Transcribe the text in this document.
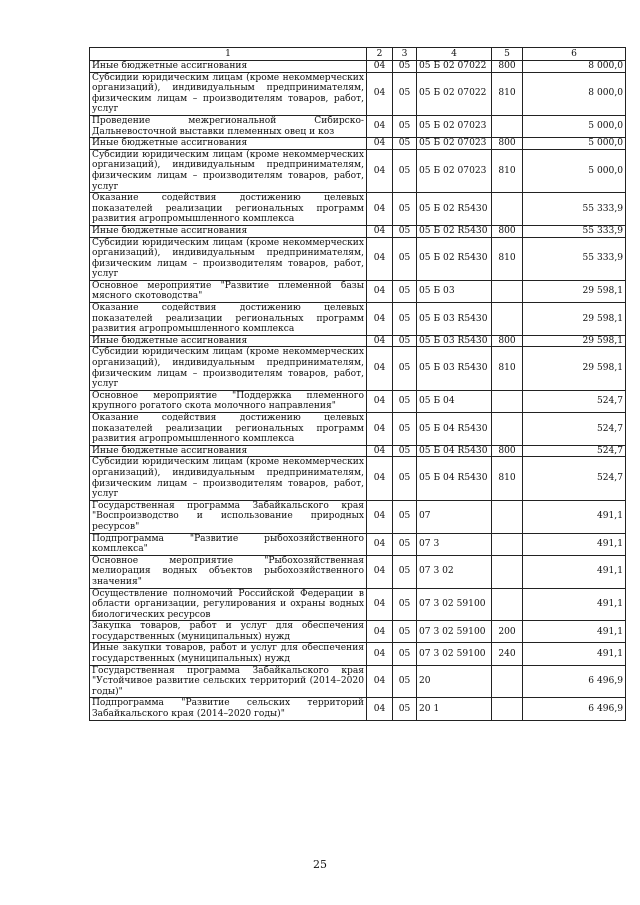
1	2	3	4	5	6
Иные бюджетные ассигнования	04	05	05 Б 02 07022	800	8 000,0
Субсидии юридическим лицам (кроме некоммерческих организаций), индивидуальным предпринимателям, физическим лицам – производителям товаров, работ, услуг	04	05	05 Б 02 07022	810	8 000,0
Проведение межрегиональной Сибирско-Дальневосточной выставки племенных овец и коз	04	05	05 Б 02 07023		5 000,0
Иные бюджетные ассигнования	04	05	05 Б 02 07023	800	5 000,0
Субсидии юридическим лицам (кроме некоммерческих организаций), индивидуальным предпринимателям, физическим лицам – производителям товаров, работ, услуг	04	05	05 Б 02 07023	810	5 000,0
Оказание содействия достижению целевых показателей реализации региональных программ развития агропромышленного комплекса	04	05	05 Б 02 R5430		55 333,9
Иные бюджетные ассигнования	04	05	05 Б 02 R5430	800	55 333,9
Субсидии юридическим лицам (кроме некоммерческих организаций), индивидуальным предпринимателям, физическим лицам – производителям товаров, работ, услуг	04	05	05 Б 02 R5430	810	55 333,9
Основное мероприятие "Развитие племенной базы мясного скотоводства"	04	05	05 Б 03		29 598,1
Оказание содействия достижению целевых показателей реализации региональных программ развития агропромышленного комплекса	04	05	05 Б 03 R5430		29 598,1
Иные бюджетные ассигнования	04	05	05 Б 03 R5430	800	29 598,1
Субсидии юридическим лицам (кроме некоммерческих организаций), индивидуальным предпринимателям, физическим лицам – производителям товаров, работ, услуг	04	05	05 Б 03 R5430	810	29 598,1
Основное мероприятие "Поддержка племенного крупного рогатого скота молочного направления"	04	05	05 Б 04		524,7
Оказание содействия достижению целевых показателей реализации региональных программ развития агропромышленного комплекса	04	05	05 Б 04 R5430		524,7
Иные бюджетные ассигнования	04	05	05 Б 04 R5430	800	524,7
Субсидии юридическим лицам (кроме некоммерческих организаций), индивидуальным предпринимателям, физическим лицам – производителям товаров, работ, услуг	04	05	05 Б 04 R5430	810	524,7
Государственная программа Забайкальского края "Воспроизводство и использование природных ресурсов"	04	05	07		491,1
Подпрограмма "Развитие рыбохозяйственного комплекса"	04	05	07 3		491,1
Основное мероприятие "Рыбохозяйственная мелиорация водных объектов рыбохозяйственного значения"	04	05	07 3 02		491,1
Осуществление полномочий Российской Федерации в области организации, регулирования и охраны водных биологических ресурсов	04	05	07 3 02 59100		491,1
Закупка товаров, работ и услуг для обеспечения государственных (муниципальных) нужд	04	05	07 3 02 59100	200	491,1
Иные закупки товаров, работ и услуг для обеспечения государственных (муниципальных) нужд	04	05	07 3 02 59100	240	491,1
Государственная программа Забайкальского края "Устойчивое развитие сельских территорий (2014–2020 годы)"	04	05	20		6 496,9
Подпрограмма "Развитие сельских территорий Забайкальского края (2014–2020 годы)"	04	05	20 1		6 496,9
25
